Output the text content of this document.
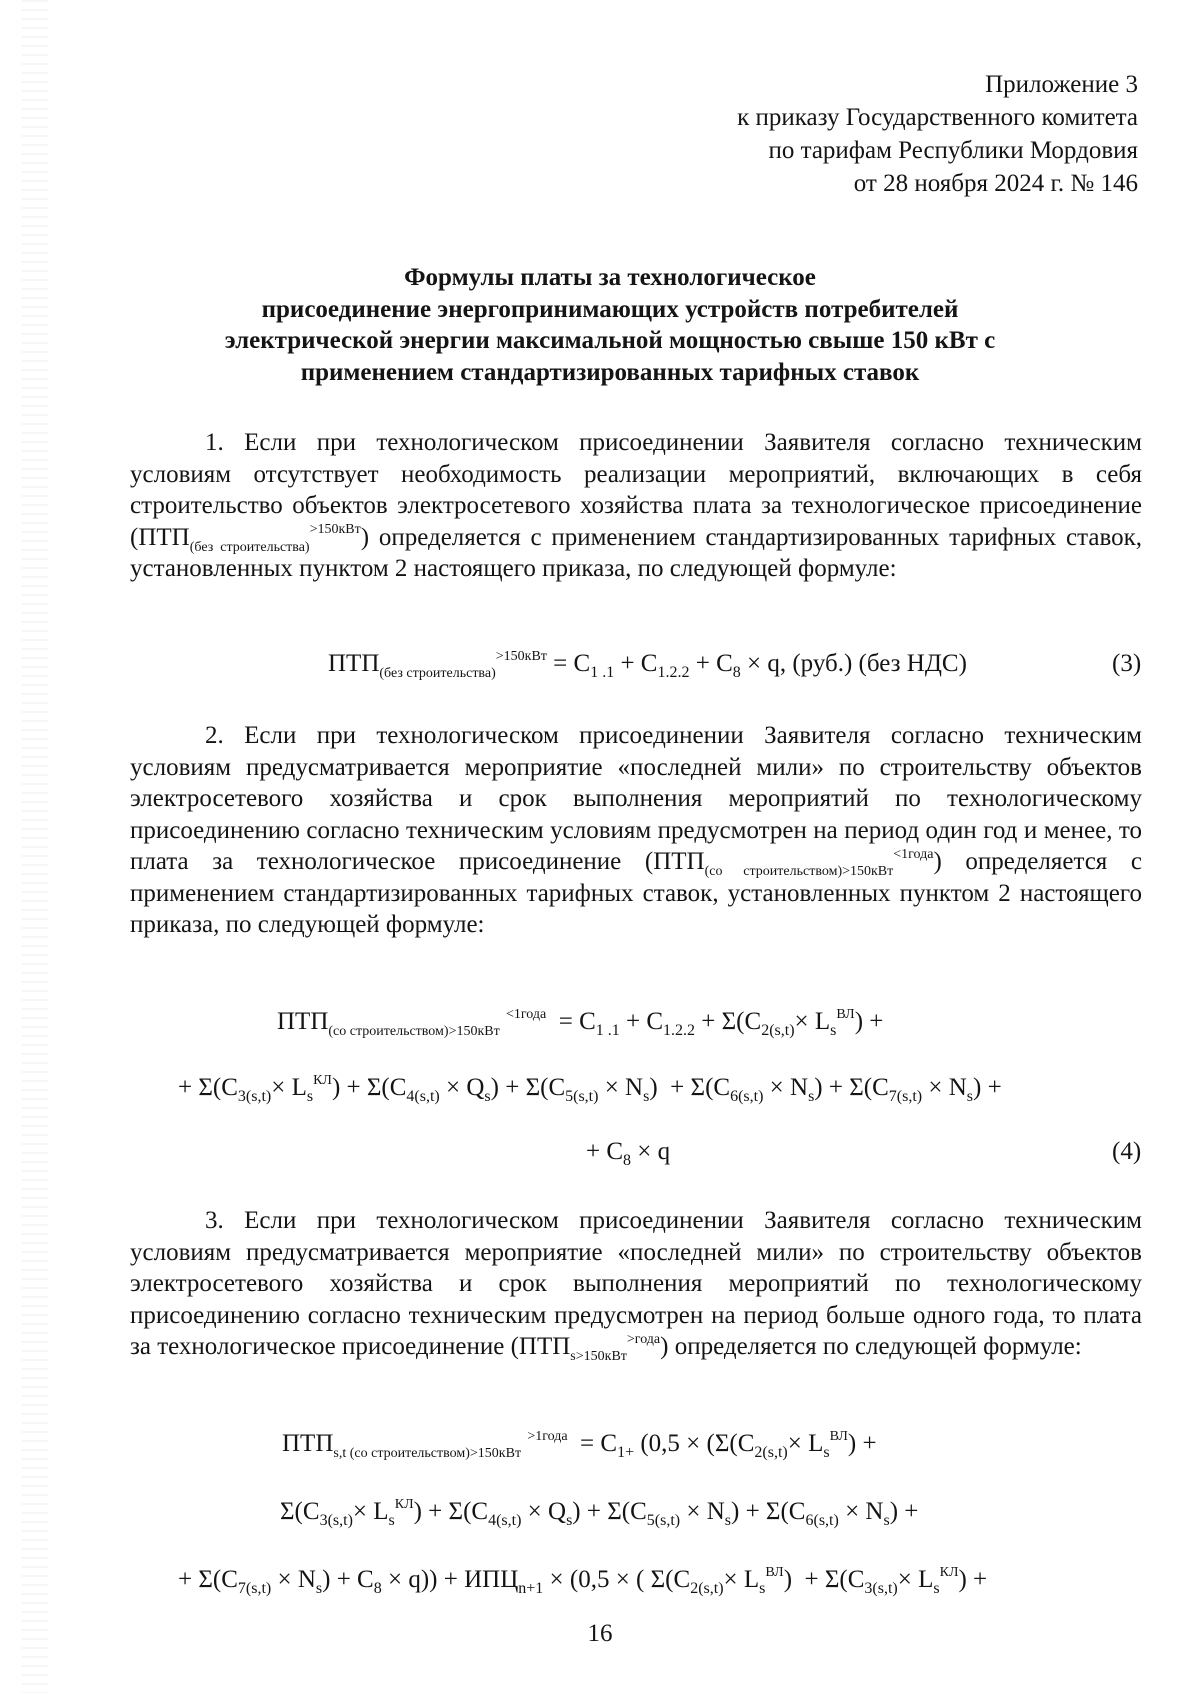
Приложение 3
к приказу Государственного комитета
по тарифам Республики Мордовия
от 28 ноября 2024 г. № 146
Формулы платы за технологическое
присоединение энергопринимающих устройств потребителей
электрической энергии максимальной мощностью свыше 150 кВт с
применением стандартизированных тарифных ставок
1. Если при технологическом присоединении Заявителя согласно техническим условиям отсутствует необходимость реализации мероприятий, включающих в себя строительство объектов электросетевого хозяйства плата за технологическое присоединение $(ПТП_{(без строительства)}^{>150кВт})$ определяется с применением стандартизированных тарифных ставок, установленных пунктом 2 настоящего приказа, по следующей формуле:
$ПТП_{(без строительства)}^{>150кВт} = С_{1 .1} + С_{1.2.2} + С_8 \times q$, (руб.) (без НДС)	(3)
2. Если при технологическом присоединении Заявителя согласно техническим условиям предусматривается мероприятие «последней мили» по строительству объектов электросетевого хозяйства и срок выполнения мероприятий по технологическому присоединению согласно техническим условиям предусмотрен на период один год и менее, то плата за технологическое присоединение $(ПТП_{(со строительством)>150кВт}^{<1года})$ определяется с применением стандартизированных тарифных ставок, установленных пунктом 2 настоящего приказа, по следующей формуле:
$ПТП_{(со строительством)>150кВт}$ $^{<1года} = С_{1 .1} + С_{1.2.2} + \Sigma(С_{2(s,t)}\times L_s^{ВЛ})$ +
+ $\Sigma(С_{3(s,t)}\times L_s^{КЛ}) + \Sigma(С_{4(s,t)} \times Q_s) + \Sigma(С_{5(s,t)} \times N_s) + \Sigma(С_{6(s,t)} \times N_s) + \Sigma(С_{7(s,t)} \times N_s)$ +
+ $С_8 \times q$	(4)
3. Если при технологическом присоединении Заявителя согласно техническим условиям предусматривается мероприятие «последней мили» по строительству объектов электросетевого хозяйства и срок выполнения мероприятий по технологическому присоединению согласно техническим предусмотрен на период больше одного года, то плата за технологическое присоединение $(ПТП_{s>150кВт}^{>года})$ определяется по следующей формуле:
$ПТП_{s,t (со строительством)>150кВт}$ $^{>1года} = С_{1+}$ ($0,5 \times (\Sigma(С_{2(s,t)}\times L_s^{ВЛ})$ +
$\Sigma(С_{3(s,t)}\times L_s^{КЛ}) + \Sigma(С_{4(s,t)} \times Q_s) + \Sigma(С_{5(s,t)} \times N_s) + \Sigma(С_{6(s,t)} \times N_s)$ +
+ $\Sigma(С_{7(s,t)} \times N_s) + С_8 \times q)) + ИПЦ_{n+1} \times (0,5$ × ( $\Sigma(С_{2(s,t)}\times L_s^{ВЛ}) + \Sigma(С_{3(s,t)}\times L_s^{КЛ})$ +
16
